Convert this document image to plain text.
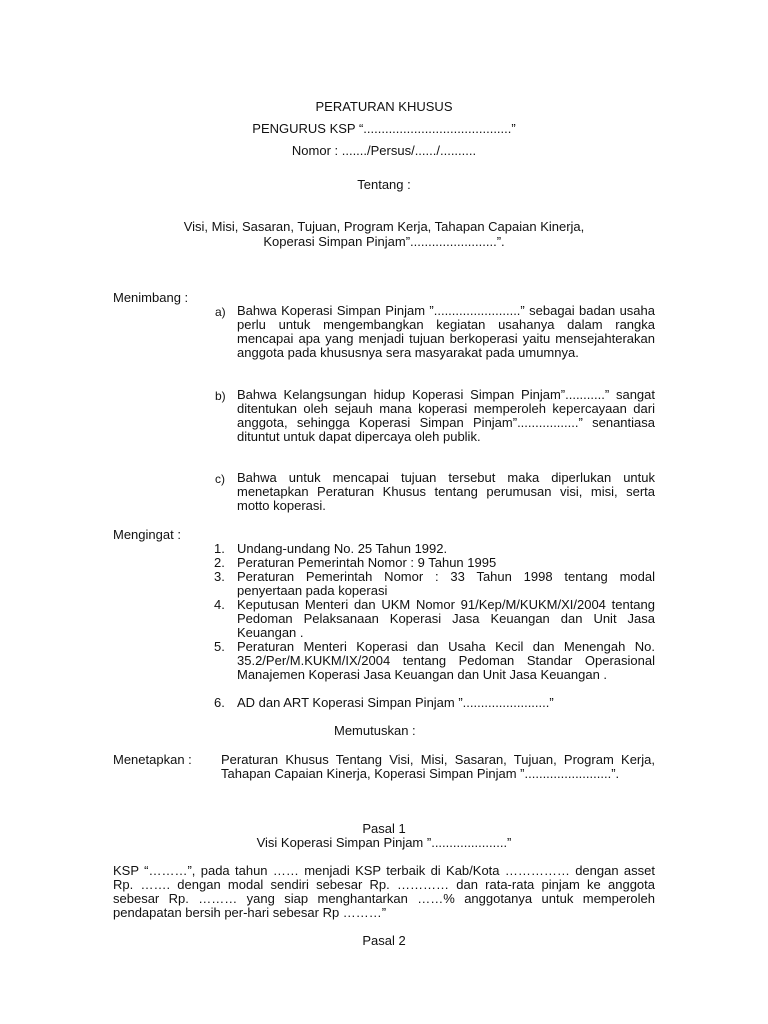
PERATURAN KHUSUS
PENGURUS KSP “.........................................”
Nomor : ......./Persus/....../..........
Tentang :
Visi, Misi, Sasaran, Tujuan, Program Kerja, Tahapan Capaian Kinerja,
Koperasi Simpan Pinjam”........................”.
Menimbang :
a) Bahwa Koperasi Simpan Pinjam ”........................” sebagai badan usaha perlu untuk mengembangkan kegiatan usahanya dalam rangka mencapai apa yang menjadi tujuan berkoperasi yaitu mensejahterakan anggota pada khususnya sera masyarakat pada umumnya.
b) Bahwa Kelangsungan hidup Koperasi Simpan Pinjam”...........” sangat ditentukan oleh sejauh mana koperasi memperoleh kepercayaan dari anggota, sehingga Koperasi Simpan Pinjam”.................” senantiasa dituntut untuk dapat dipercaya oleh publik.
c) Bahwa untuk mencapai tujuan tersebut maka diperlukan untuk menetapkan Peraturan Khusus tentang perumusan visi, misi, serta motto koperasi.
Mengingat :
1. Undang-undang No. 25 Tahun 1992.
2. Peraturan Pemerintah Nomor : 9 Tahun 1995
3. Peraturan Pemerintah Nomor : 33 Tahun 1998 tentang modal penyertaan pada koperasi
4. Keputusan Menteri dan UKM Nomor 91/Kep/M/KUKM/XI/2004 tentang Pedoman Pelaksanaan Koperasi Jasa Keuangan dan Unit Jasa Keuangan .
5. Peraturan Menteri Koperasi dan Usaha Kecil dan Menengah No. 35.2/Per/M.KUKM/IX/2004 tentang Pedoman Standar Operasional Manajemen Koperasi Jasa Keuangan dan Unit Jasa Keuangan .
6. AD dan ART Koperasi Simpan Pinjam ”........................”
Memutuskan :
Menetapkan : Peraturan Khusus Tentang Visi, Misi, Sasaran, Tujuan, Program Kerja, Tahapan Capaian Kinerja, Koperasi Simpan Pinjam ”........................”.
Pasal 1
Visi Koperasi Simpan Pinjam ”.....................”
KSP “………”, pada tahun …… menjadi KSP terbaik di Kab/Kota …………… dengan asset Rp. ……. dengan modal sendiri sebesar Rp. ………… dan rata-rata pinjam ke anggota sebesar Rp. ……… yang siap menghantarkan ……% anggotanya untuk memperoleh pendapatan bersih per-hari sebesar Rp ………”
Pasal 2
